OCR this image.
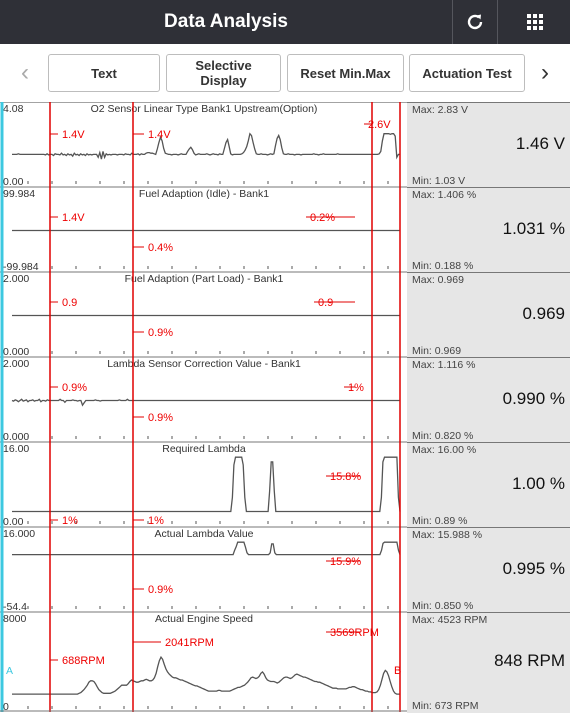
Data Analysis
‹	Text	Selective Display	Reset Min.Max Actuation Test ›
4.08
0.00
O2 Sensor Linear Type Bank1 Upstream(Option)
1.4V	1.4V
2.6V
99.984
-99.984
Fuel Adaption (Idle) - Bank1
1.4V
0.4%
0.2%
2.000
0.000
Fuel Adaption (Part Load) - Bank1
0.9
0.9%
0.9
2.000
0.000
Lambda Sensor Correction Value - Bank1
0.9%
0.9%
1%
16.00
0.00
Required Lambda
1%	1%
15.8%
16.000
-54.4
Actual Lambda Value
0.9%
15.9%
8000
0
Actual Engine Speed
688RPM
2041RPM
3569RPM
A	B
Max: 2.83 V
1.46 V
Min: 1.03 V
Max: 1.406 %
1.031 %
Min: 0.188 %
Max: 0.969
0.969
Min: 0.969
Max: 1.116 %
0.990 %
Min: 0.820 %
Max: 16.00 %
1.00 %
Min: 0.89 %
Max: 15.988 %
0.995 %
Min: 0.850 %
Max: 4523 RPM
848 RPM
Min: 673 RPM
